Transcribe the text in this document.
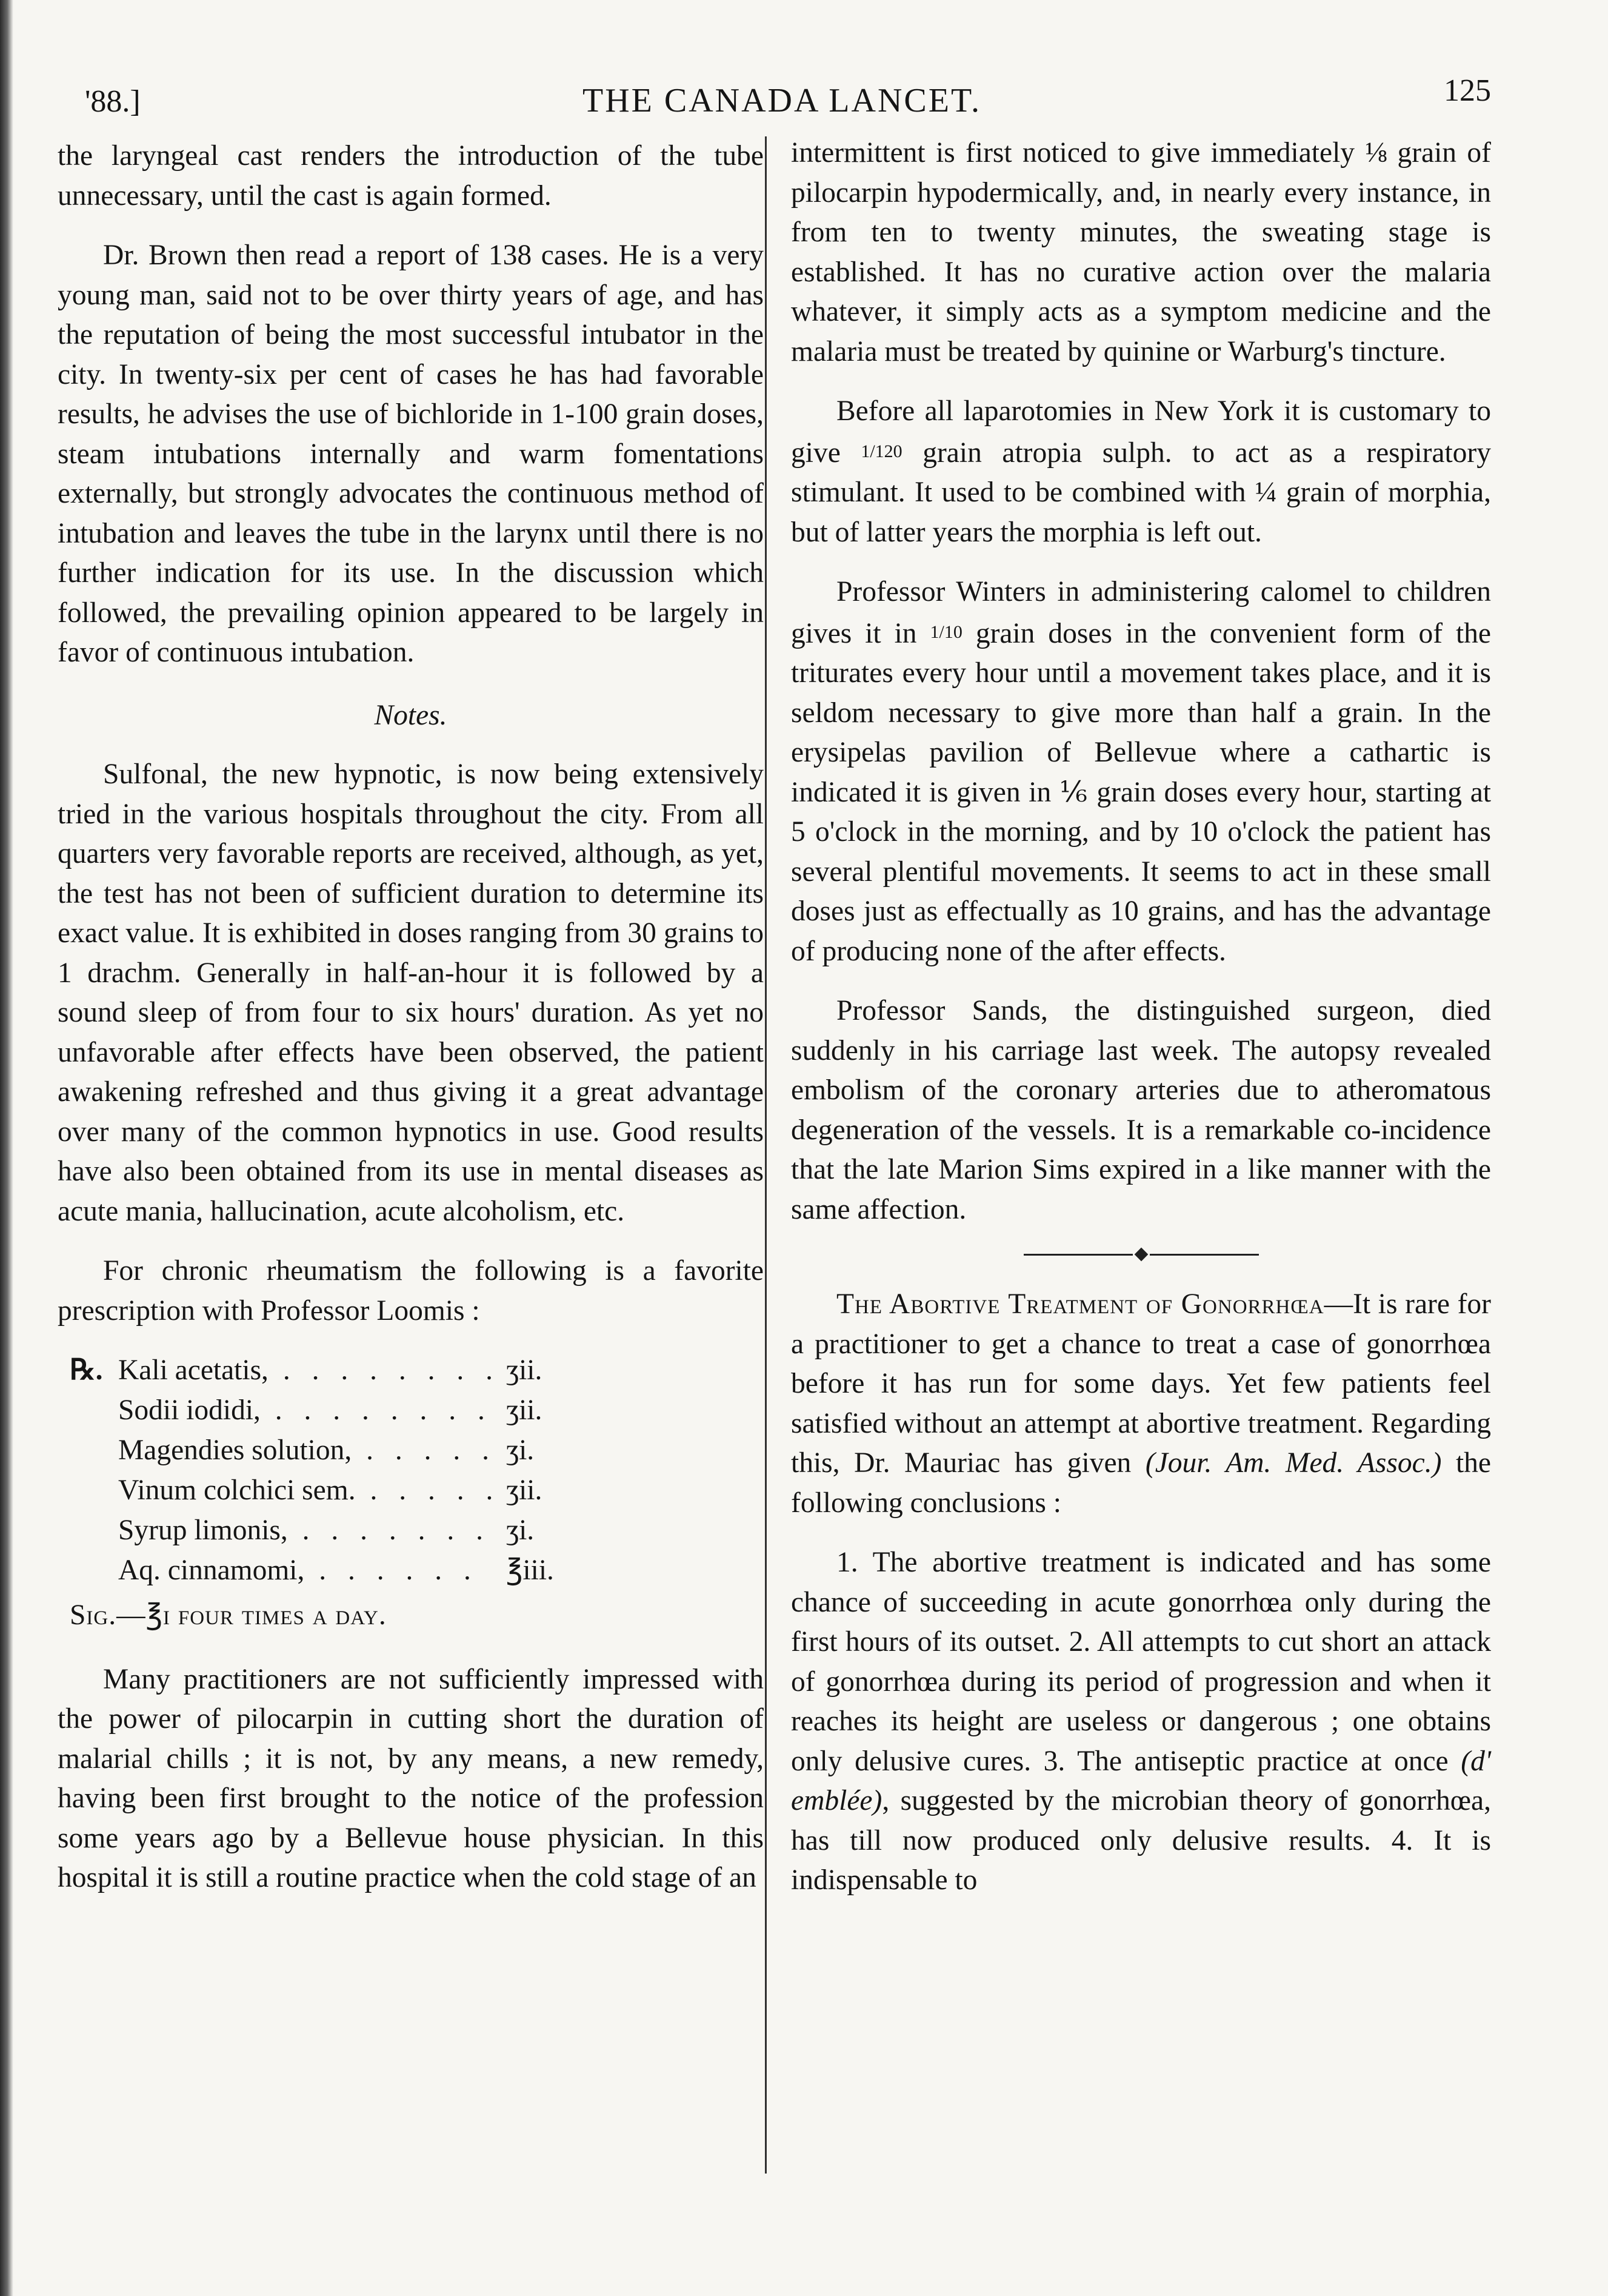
'88.]	THE CANADA LANCET.	125

the laryngeal cast renders the introduction of the tube unnecessary, until the cast is again formed.

Dr. Brown then read a report of 138 cases. He is a very young man, said not to be over thirty years of age, and has the reputation of being the most successful intubator in the city. In twenty-six per cent of cases he has had favorable results, he advises the use of bichloride in 1-100 grain doses, steam intubations internally and warm fomentations externally, but strongly advocates the continuous method of intubation and leaves the tube in the larynx until there is no further indication for its use. In the discussion which followed, the prevailing opinion appeared to be largely in favor of continuous intubation.

Notes.

Sulfonal, the new hypnotic, is now being extensively tried in the various hospitals throughout the city. From all quarters very favorable reports are received, although, as yet, the test has not been of sufficient duration to determine its exact value. It is exhibited in doses ranging from 30 grains to 1 drachm. Generally in half-an-hour it is followed by a sound sleep of from four to six hours' duration. As yet no unfavorable after effects have been observed, the patient awakening refreshed and thus giving it a great advantage over many of the common hypnotics in use. Good results have also been obtained from its use in mental diseases as acute mania, hallucination, acute alcoholism, etc.

For chronic rheumatism the following is a favorite prescription with Professor Loomis :

℞. Kali acetatis, . . .	ʒii.
Sodii iodidi, . . .	ʒii.
Magendies solution, . . .	ʒi.
Vinum colchici sem. . . .	ʒii.
Syrup limonis, . . .	ʒi.
Aq. cinnamomi, . . .	℥iii.
Sig.—℥i four times a day.

Many practitioners are not sufficiently impressed with the power of pilocarpin in cutting short the duration of malarial chills ; it is not, by any means, a new remedy, having been first brought to the notice of the profession some years ago by a Bellevue house physician. In this hospital it is still a routine practice when the cold stage of an

intermittent is first noticed to give immediately ⅛ grain of pilocarpin hypodermically, and, in nearly every instance, in from ten to twenty minutes, the sweating stage is established. It has no curative action over the malaria whatever, it simply acts as a symptom medicine and the malaria must be treated by quinine or Warburg's tincture.

Before all laparotomies in New York it is customary to give 1/120 grain atropia sulph. to act as a respiratory stimulant. It used to be combined with ¼ grain of morphia, but of latter years the morphia is left out.

Professor Winters in administering calomel to children gives it in 1/10 grain doses in the convenient form of the triturates every hour until a movement takes place, and it is seldom necessary to give more than half a grain. In the erysipelas pavilion of Bellevue where a cathartic is indicated it is given in ⅙ grain doses every hour, starting at 5 o'clock in the morning, and by 10 o'clock the patient has several plentiful movements. It seems to act in these small doses just as effectually as 10 grains, and has the advantage of producing none of the after effects.

Professor Sands, the distinguished surgeon, died suddenly in his carriage last week. The autopsy revealed embolism of the coronary arteries due to atheromatous degeneration of the vessels. It is a remarkable co-incidence that the late Marion Sims expired in a like manner with the same affection.

The Abortive Treatment of Gonorrhœa—It is rare for a practitioner to get a chance to treat a case of gonorrhœa before it has run for some days. Yet few patients feel satisfied without an attempt at abortive treatment. Regarding this, Dr. Mauriac has given (Jour. Am. Med. Assoc.) the following conclusions :

1. The abortive treatment is indicated and has some chance of succeeding in acute gonorrhœa only during the first hours of its outset. 2. All attempts to cut short an attack of gonorrhœa during its period of progression and when it reaches its height are useless or dangerous ; one obtains only delusive cures. 3. The antiseptic practice at once (d' emblée), suggested by the microbian theory of gonorrhœa, has till now produced only delusive results. 4. It is indispensable to
